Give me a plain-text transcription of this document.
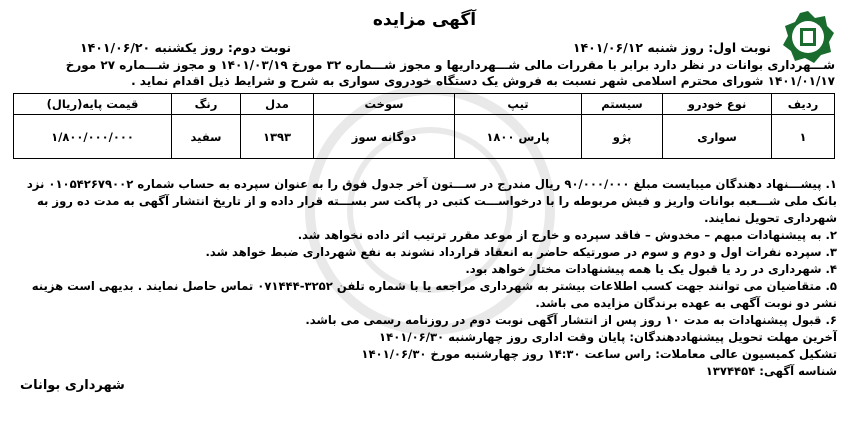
آگهی مزایده
نوبت اول: روز شنبه ۱۴۰۱/۰۶/۱۲
نوبت دوم: روز یکشنبه ۱۴۰۱/۰۶/۲۰
شـــهرداری بوانات در نظر دارد برابر با مقررات مالی شـــهرداریها و مجوز شـــماره ۳۲ مورخ ۱۴۰۱/۰۳/۱۹ و مجوز شـــماره ۲۷ مورخ ۱۴۰۱/۰۱/۱۷ شورای محترم اسلامی شهر نسبت به فروش یک دستگاه خودروی سواری به شرح و شرایط ذیل اقدام نماید .
ردیف	نوع خودرو	سیستم	تیپ	سوخت	مدل	رنگ	قیمت پایه(ریال)
۱	سواری	پژو	پارس ۱۸۰۰	دوگانه سوز	۱۳۹۳	سفید	۱/۸۰۰/۰۰۰/۰۰۰

۱. پیشـــنهاد دهندگان میبایست مبلغ ۹۰/۰۰۰/۰۰۰ ریال مندرج در ســـتون آخر جدول فوق را به عنوان سپرده به حساب شماره ۰۱۰۵۴۲۶۷۹۰۰۲ نزد بانک ملی شـــعبه بوانات واریز و فیش مربوطه را با درخواســـت کتبی در پاکت سر بســـته قرار داده و از تاریخ انتشار آگهی به مدت ده روز به شهرداری تحویل نمایند.

۲. به پیشنهادات مبهم – مخدوش – فاقد سپرده و خارج از موعد مقرر ترتیب اثر داده نخواهد شد.

۳. سپرده نفرات اول و دوم و سوم در صورتیکه حاضر به انعقاد قرارداد نشوند به نفع شهرداری ضبط خواهد شد.

۴. شهرداری در رد یا قبول یک یا همه پیشنهادات مختار خواهد بود.

۵. متقاضیان می توانند جهت کسب اطلاعات بیشتر به شهرداری مراجعه یا با شماره تلفن ۳۲۵۲-۰۷۱۴۴۴ تماس حاصل نمایند . بدیهی است هزینه نشر دو نوبت آگهی به عهده برندگان مزایده می باشد.

۶. قبول پیشنهادات به مدت ۱۰ روز پس از انتشار آگهی نوبت دوم در روزنامه رسمی می باشد.

آخرین مهلت تحویل پیشنهاددهندگان: پایان وقت اداری روز چهارشنبه ۱۴۰۱/۰۶/۳۰

تشکیل کمیسیون عالی معاملات: راس ساعت ۱۴:۳۰ روز چهارشنبه مورخ ۱۴۰۱/۰۶/۳۰

شناسه آگهی: ۱۳۷۴۴۵۴

شهرداری بوانات
